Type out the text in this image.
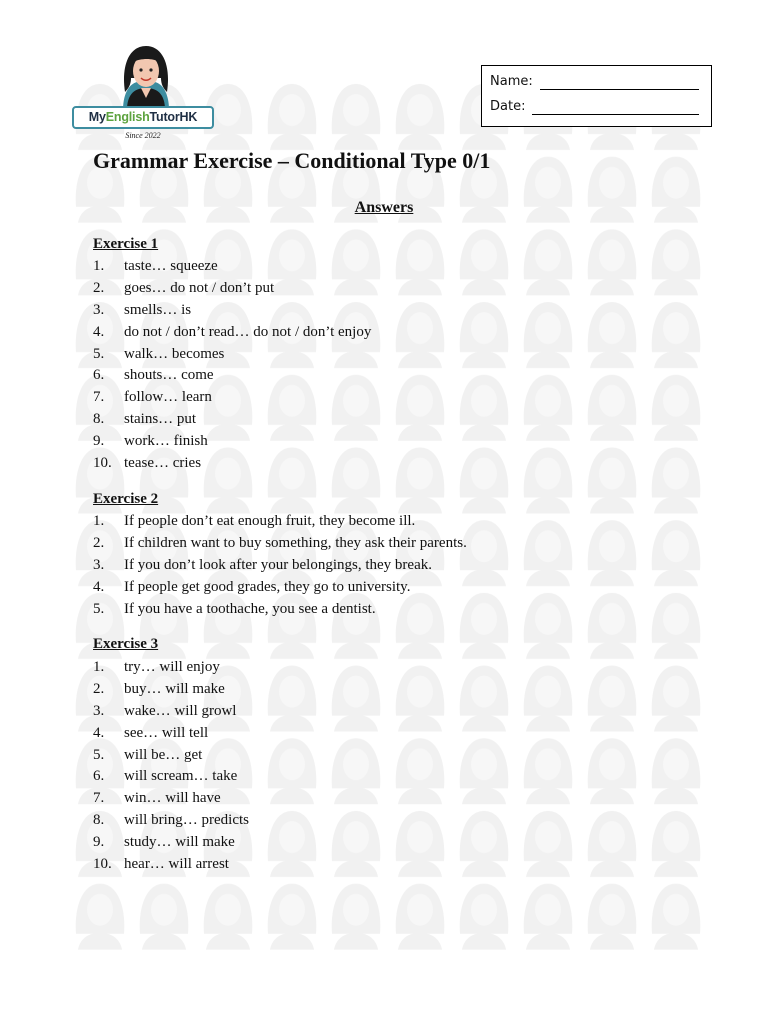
MyEnglishTutorHK
Since 2022
Name:
Date:
Grammar Exercise – Conditional Type 0/1
Answers
Exercise 1
1. taste… squeeze
2. goes… do not / don’t put
3. smells… is
4. do not / don’t read… do not / don’t enjoy
5. walk… becomes
6. shouts… come
7. follow… learn
8. stains… put
9. work… finish
10. tease… cries
Exercise 2
1. If people don’t eat enough fruit, they become ill.
2. If children want to buy something, they ask their parents.
3. If you don’t look after your belongings, they break.
4. If people get good grades, they go to university.
5. If you have a toothache, you see a dentist.
Exercise 3
1. try… will enjoy
2. buy… will make
3. wake… will growl
4. see… will tell
5. will be… get
6. will scream… take
7. win… will have
8. will bring… predicts
9. study… will make
10. hear… will arrest
